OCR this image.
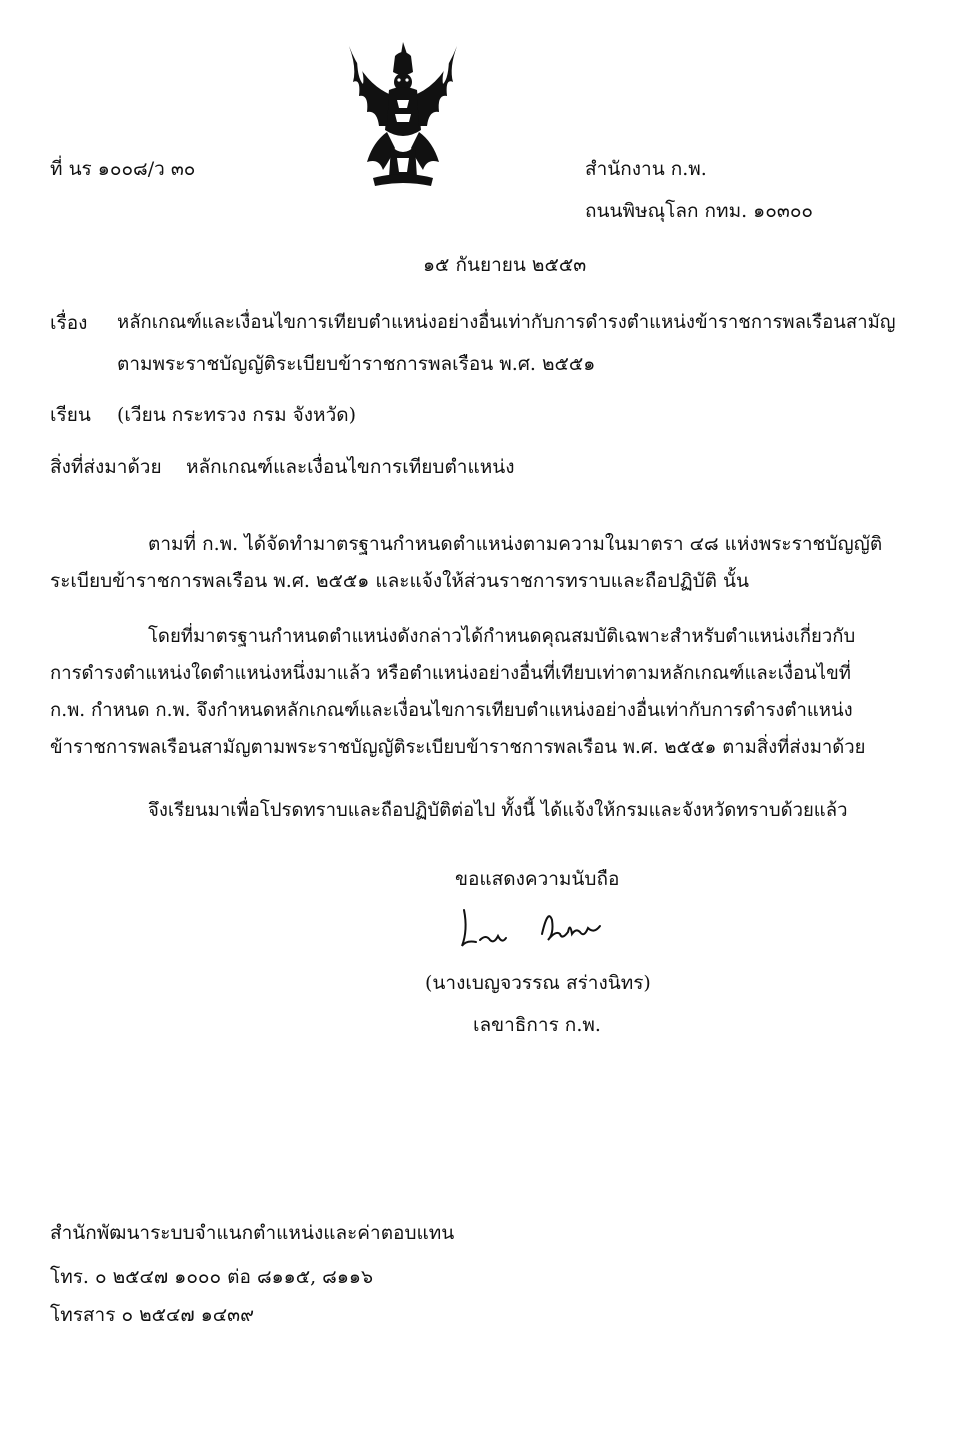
ที่ นร ๑๐๐๘/ว ๓๐	สำนักงาน ก.พ.
ถนนพิษณุโลก กทม. ๑๐๓๐๐
๑๕ กันยายน ๒๕๕๓
เรื่อง หลักเกณฑ์และเงื่อนไขการเทียบตำแหน่งอย่างอื่นเท่ากับการดำรงตำแหน่งข้าราชการพลเรือนสามัญ
ตามพระราชบัญญัติระเบียบข้าราชการพลเรือน พ.ศ. ๒๕๕๑
เรียน (เวียน กระทรวง กรม จังหวัด)
สิ่งที่ส่งมาด้วย หลักเกณฑ์และเงื่อนไขการเทียบตำแหน่ง
ตามที่ ก.พ. ได้จัดทำมาตรฐานกำหนดตำแหน่งตามความในมาตรา ๔๘ แห่งพระราชบัญญัติ
ระเบียบข้าราชการพลเรือน พ.ศ. ๒๕๕๑ และแจ้งให้ส่วนราชการทราบและถือปฏิบัติ นั้น
โดยที่มาตรฐานกำหนดตำแหน่งดังกล่าวได้กำหนดคุณสมบัติเฉพาะสำหรับตำแหน่งเกี่ยวกับ
การดำรงตำแหน่งใดตำแหน่งหนึ่งมาแล้ว หรือตำแหน่งอย่างอื่นที่เทียบเท่าตามหลักเกณฑ์และเงื่อนไขที่
ก.พ. กำหนด ก.พ. จึงกำหนดหลักเกณฑ์และเงื่อนไขการเทียบตำแหน่งอย่างอื่นเท่ากับการดำรงตำแหน่ง
ข้าราชการพลเรือนสามัญตามพระราชบัญญัติระเบียบข้าราชการพลเรือน พ.ศ. ๒๕๕๑ ตามสิ่งที่ส่งมาด้วย
จึงเรียนมาเพื่อโปรดทราบและถือปฏิบัติต่อไป ทั้งนี้ ได้แจ้งให้กรมและจังหวัดทราบด้วยแล้ว
ขอแสดงความนับถือ
(นางเบญจวรรณ สร่างนิทร)
เลขาธิการ ก.พ.
สำนักพัฒนาระบบจำแนกตำแหน่งและค่าตอบแทน
โทร. ๐ ๒๕๔๗ ๑๐๐๐ ต่อ ๘๑๑๕, ๘๑๑๖
โทรสาร ๐ ๒๕๔๗ ๑๔๓๙
